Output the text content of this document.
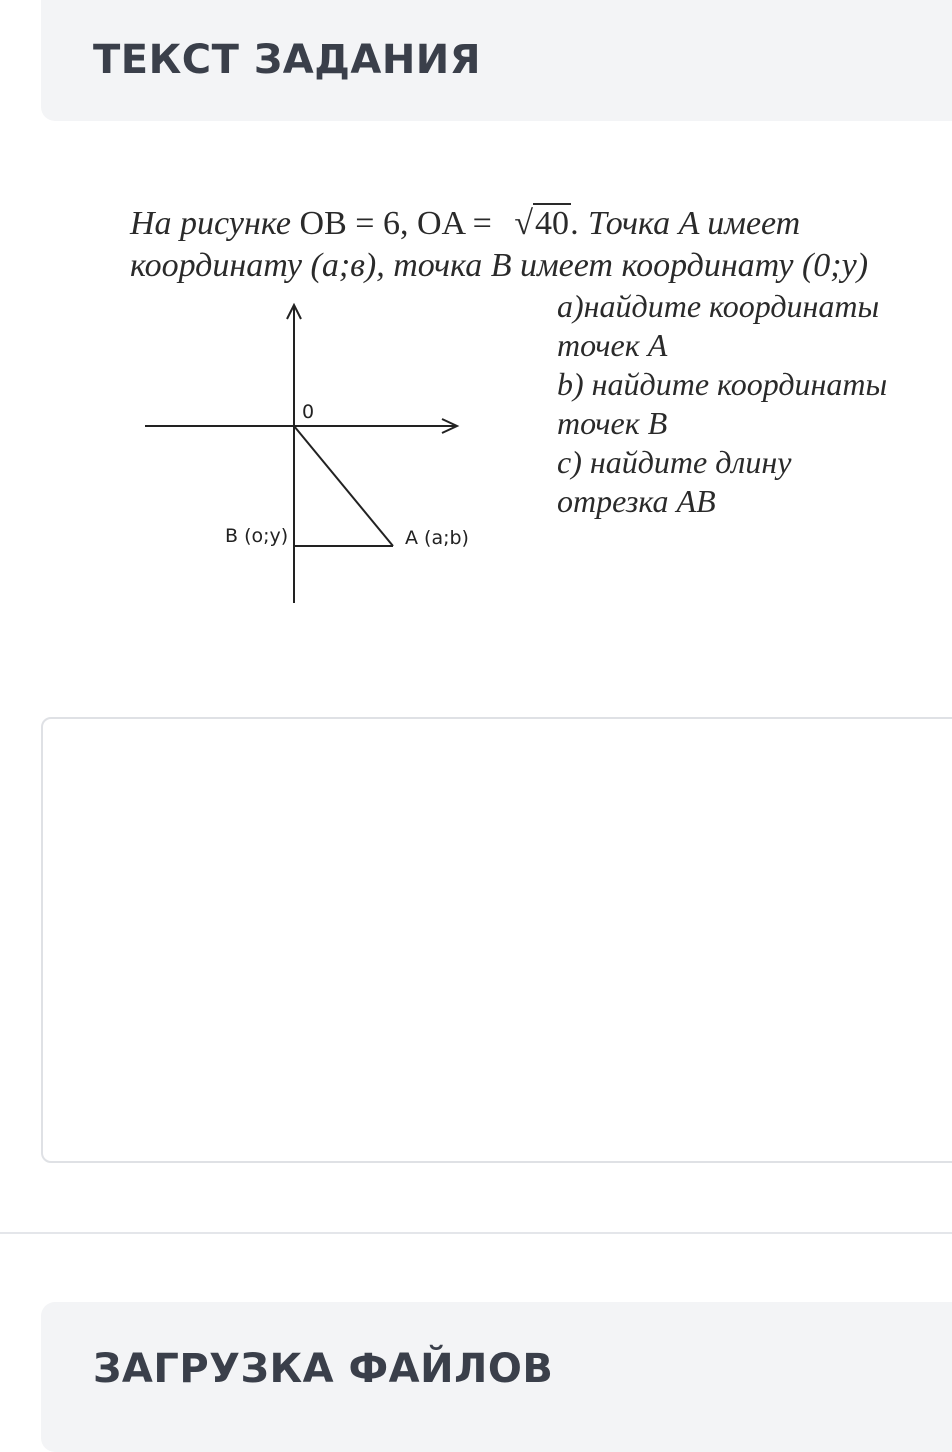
ТЕКСТ ЗАДАНИЯ
На рисунке OB = 6, OA = √40. Точка A имеет
координату (а;в), точка B имеет координату (0;y)
a)найдите координаты
точек A
b) найдите координаты
точек B
c) найдите длину
отрезка AB
0
B (o;y)	A (a;b)
ЗАГРУЗКА ФАЙЛОВ
